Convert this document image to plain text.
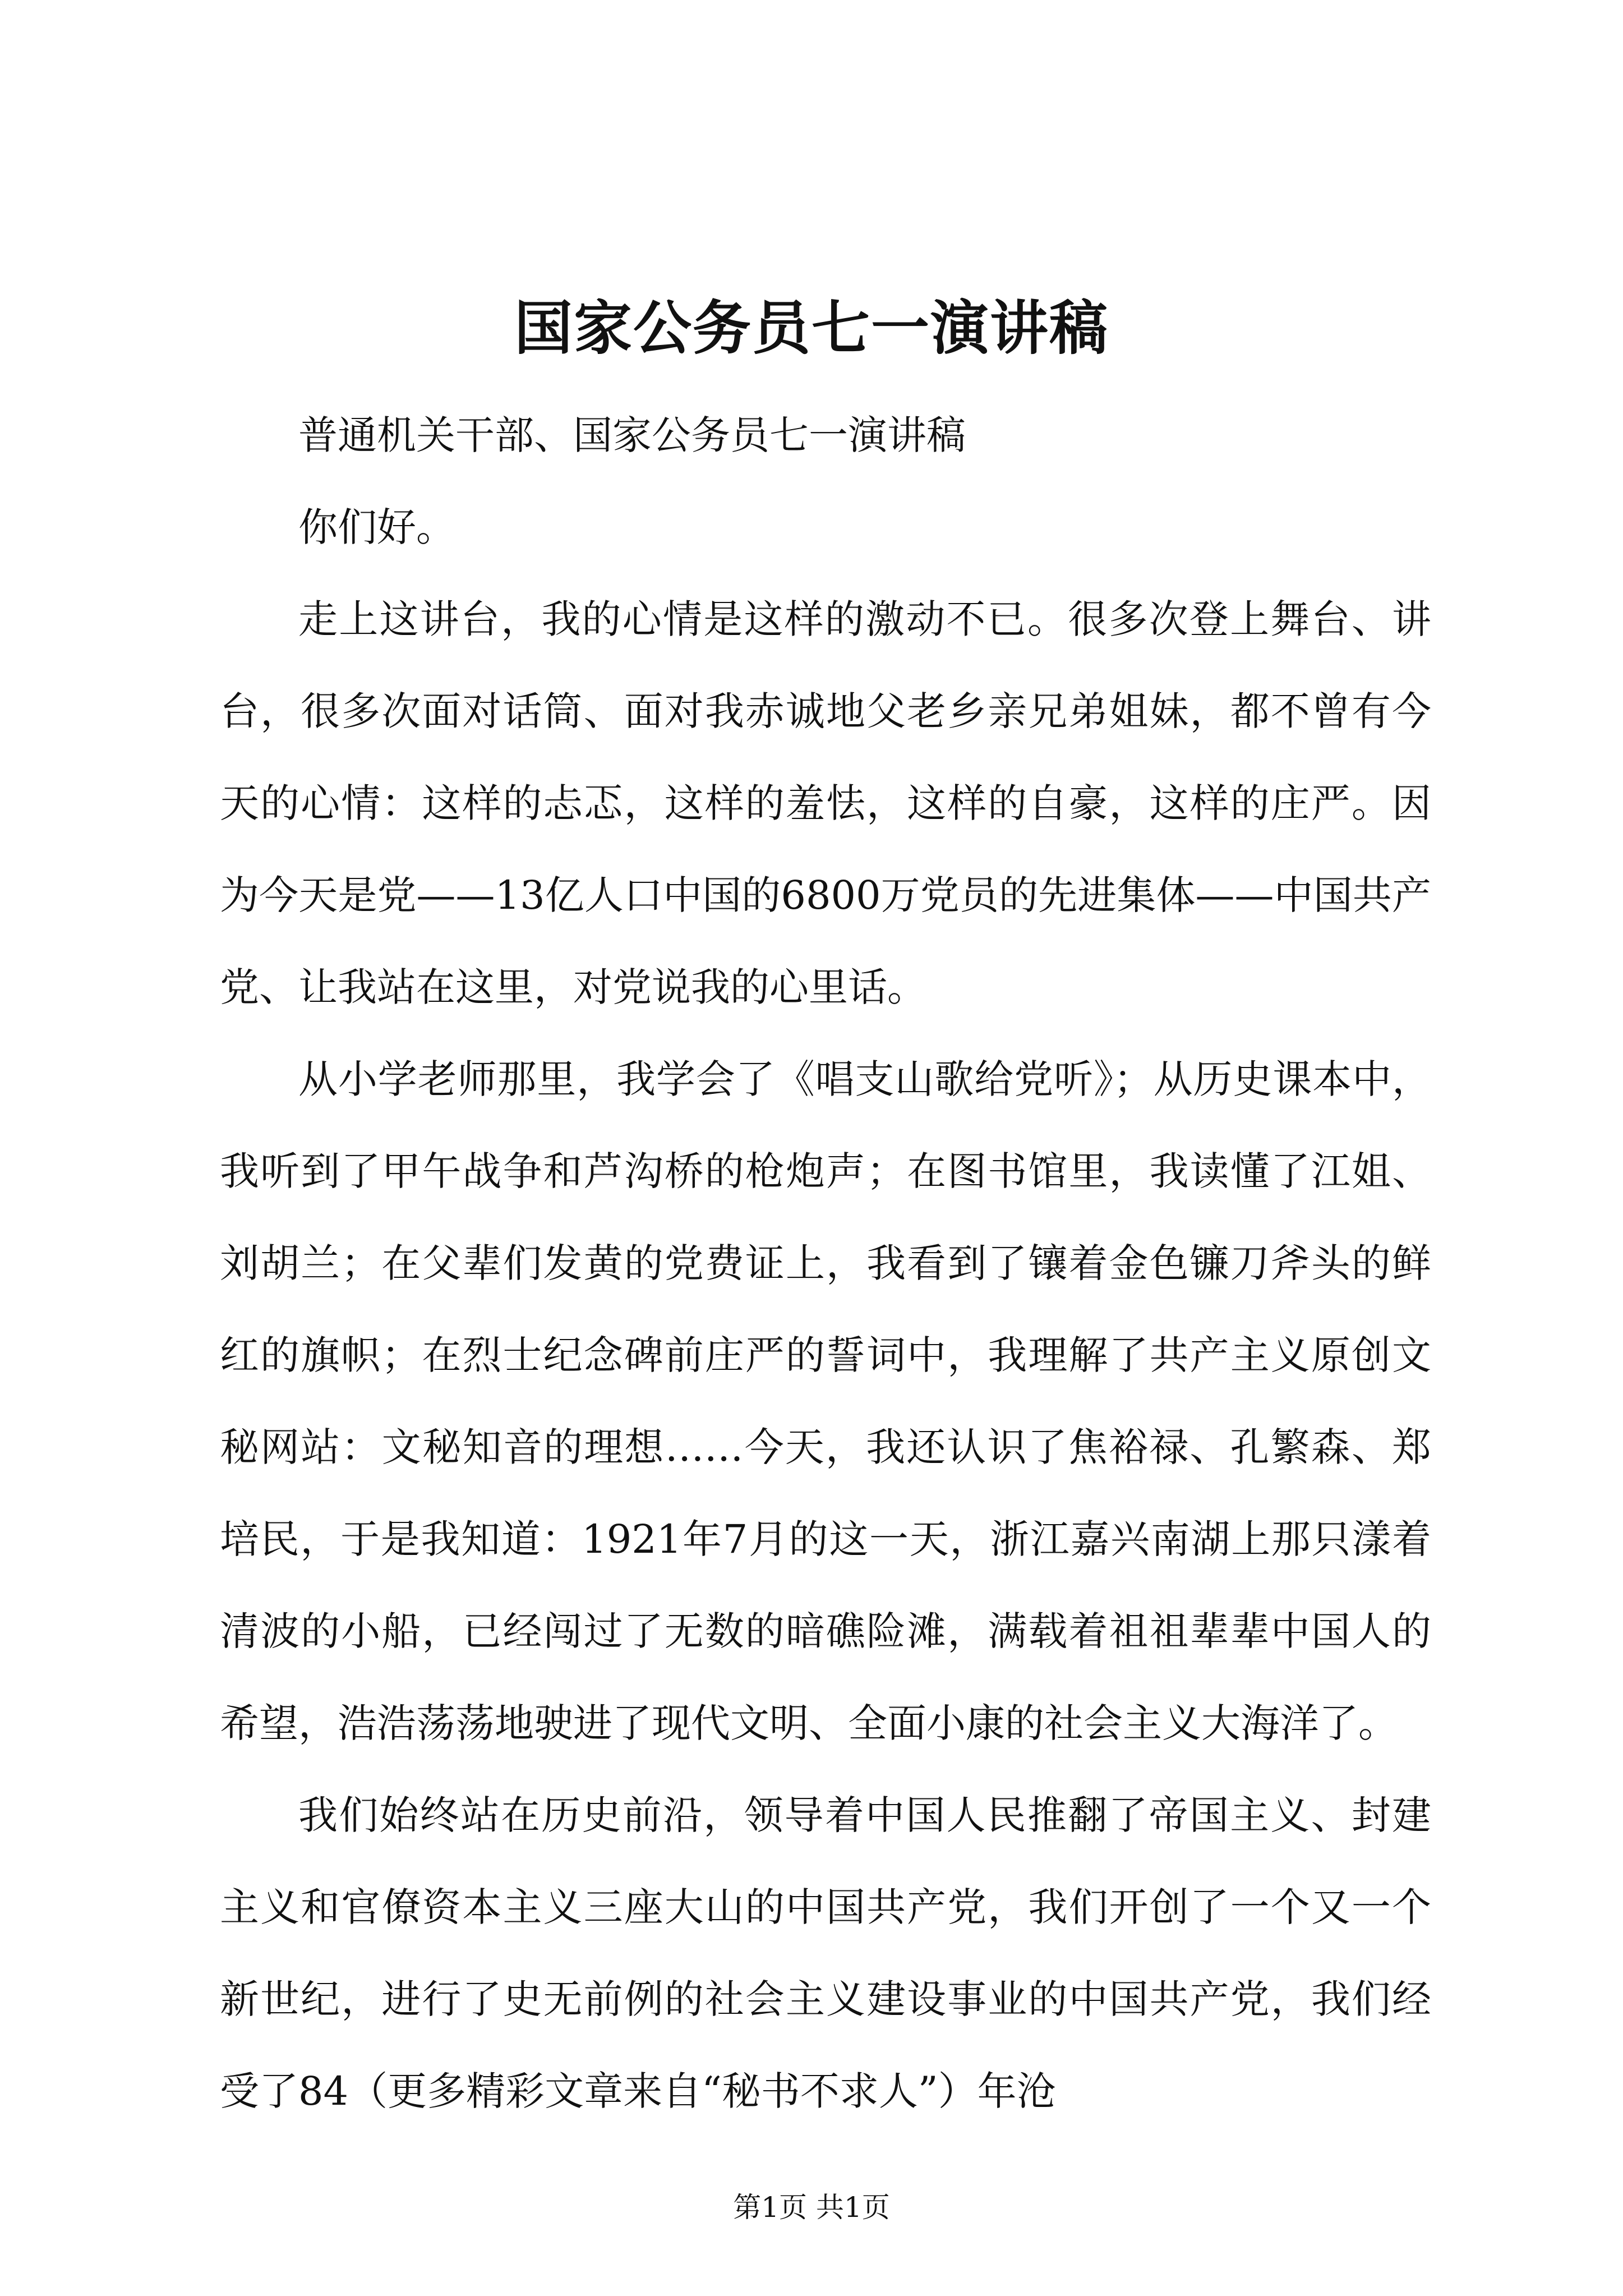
国家公务员七一演讲稿

普通机关干部、国家公务员七一演讲稿

你们好。

走上这讲台，我的心情是这样的激动不已。很多次登上舞台、讲台，很多次面对话筒、面对我赤诚地父老乡亲兄弟姐妹，都不曾有今天的心情：这样的忐忑，这样的羞怯，这样的自豪，这样的庄严。因为今天是党——13亿人口中国的6800万党员的先进集体——中国共产党、让我站在这里，对党说我的心里话。

从小学老师那里，我学会了《唱支山歌给党听》；从历史课本中，我听到了甲午战争和芦沟桥的枪炮声；在图书馆里，我读懂了江姐、刘胡兰；在父辈们发黄的党费证上，我看到了镶着金色镰刀斧头的鲜红的旗帜；在烈士纪念碑前庄严的誓词中，我理解了共产主义原创文秘网站：文秘知音的理想……今天，我还认识了焦裕禄、孔繁森、郑培民，于是我知道：1921年7月的这一天，浙江嘉兴南湖上那只漾着清波的小船，已经闯过了无数的暗礁险滩，满载着祖祖辈辈中国人的希望，浩浩荡荡地驶进了现代文明、全面小康的社会主义大海洋了。

我们始终站在历史前沿，领导着中国人民推翻了帝国主义、封建主义和官僚资本主义三座大山的中国共产党，我们开创了一个又一个新世纪，进行了史无前例的社会主义建设事业的中国共产党，我们经受了84（更多精彩文章来自“秘书不求人”）年沧

第1页 共1页
